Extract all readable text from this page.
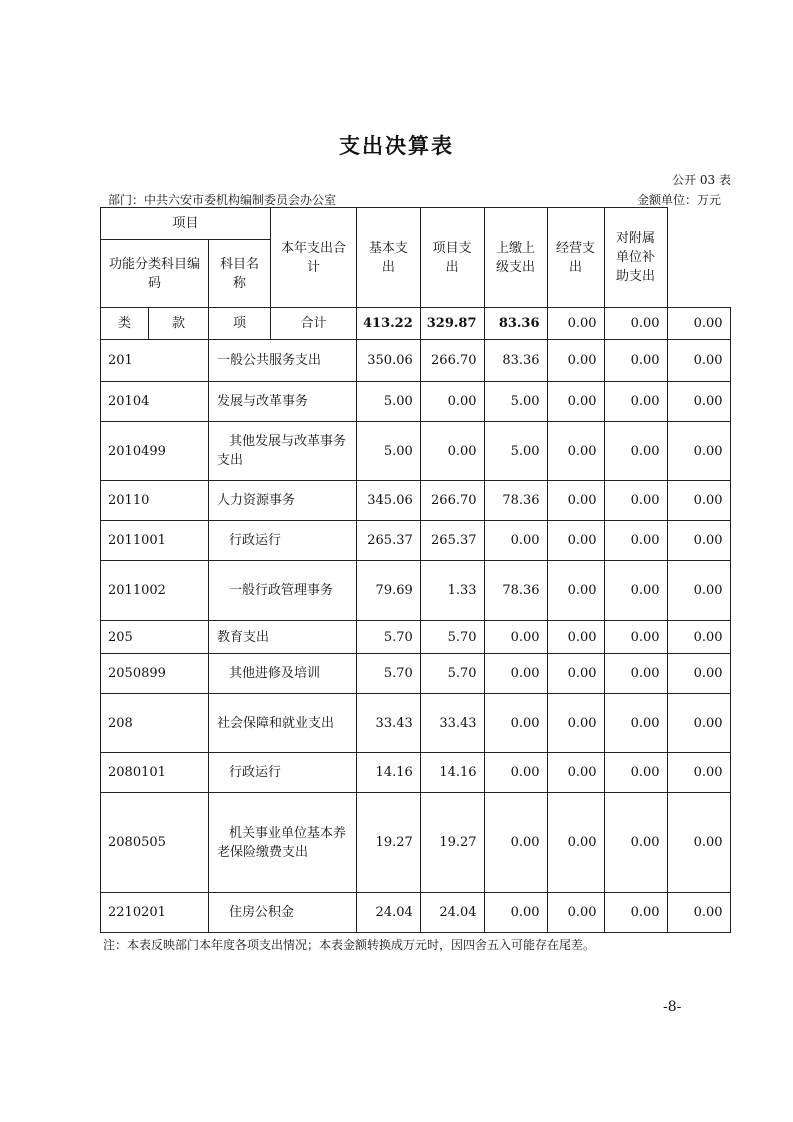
支出决算表
公开 03 表
部门：中共六安市委机构编制委员会办公室	金额单位：万元
项目			本年支出合计	基本支出	项目支出	上缴上级支出	经营支出	对附属单位补助支出	
功能分类科目编码		科目名称							
类	款	项	合计	413.22	329.87	83.36	0.00	0.00	0.00
201		一般公共服务支出		350.06	266.70	83.36	0.00	0.00	0.00
20104		发展与改革事务		5.00	0.00	5.00	0.00	0.00	0.00
2010499		其他发展与改革事务支出		5.00	0.00	5.00	0.00	0.00	0.00
20110		人力资源事务		345.06	266.70	78.36	0.00	0.00	0.00
2011001		行政运行		265.37	265.37	0.00	0.00	0.00	0.00
2011002		一般行政管理事务		79.69	1.33	78.36	0.00	0.00	0.00
205		教育支出		5.70	5.70	0.00	0.00	0.00	0.00
2050899		其他进修及培训		5.70	5.70	0.00	0.00	0.00	0.00
208		社会保障和就业支出		33.43	33.43	0.00	0.00	0.00	0.00
2080101		行政运行		14.16	14.16	0.00	0.00	0.00	0.00
2080505		机关事业单位基本养老保险缴费支出		19.27	19.27	0.00	0.00	0.00	0.00
2210201		住房公积金		24.04	24.04	0.00	0.00	0.00	0.00
注：本表反映部门本年度各项支出情况；本表金额转换成万元时，因四舍五入可能存在尾差。
-8-
